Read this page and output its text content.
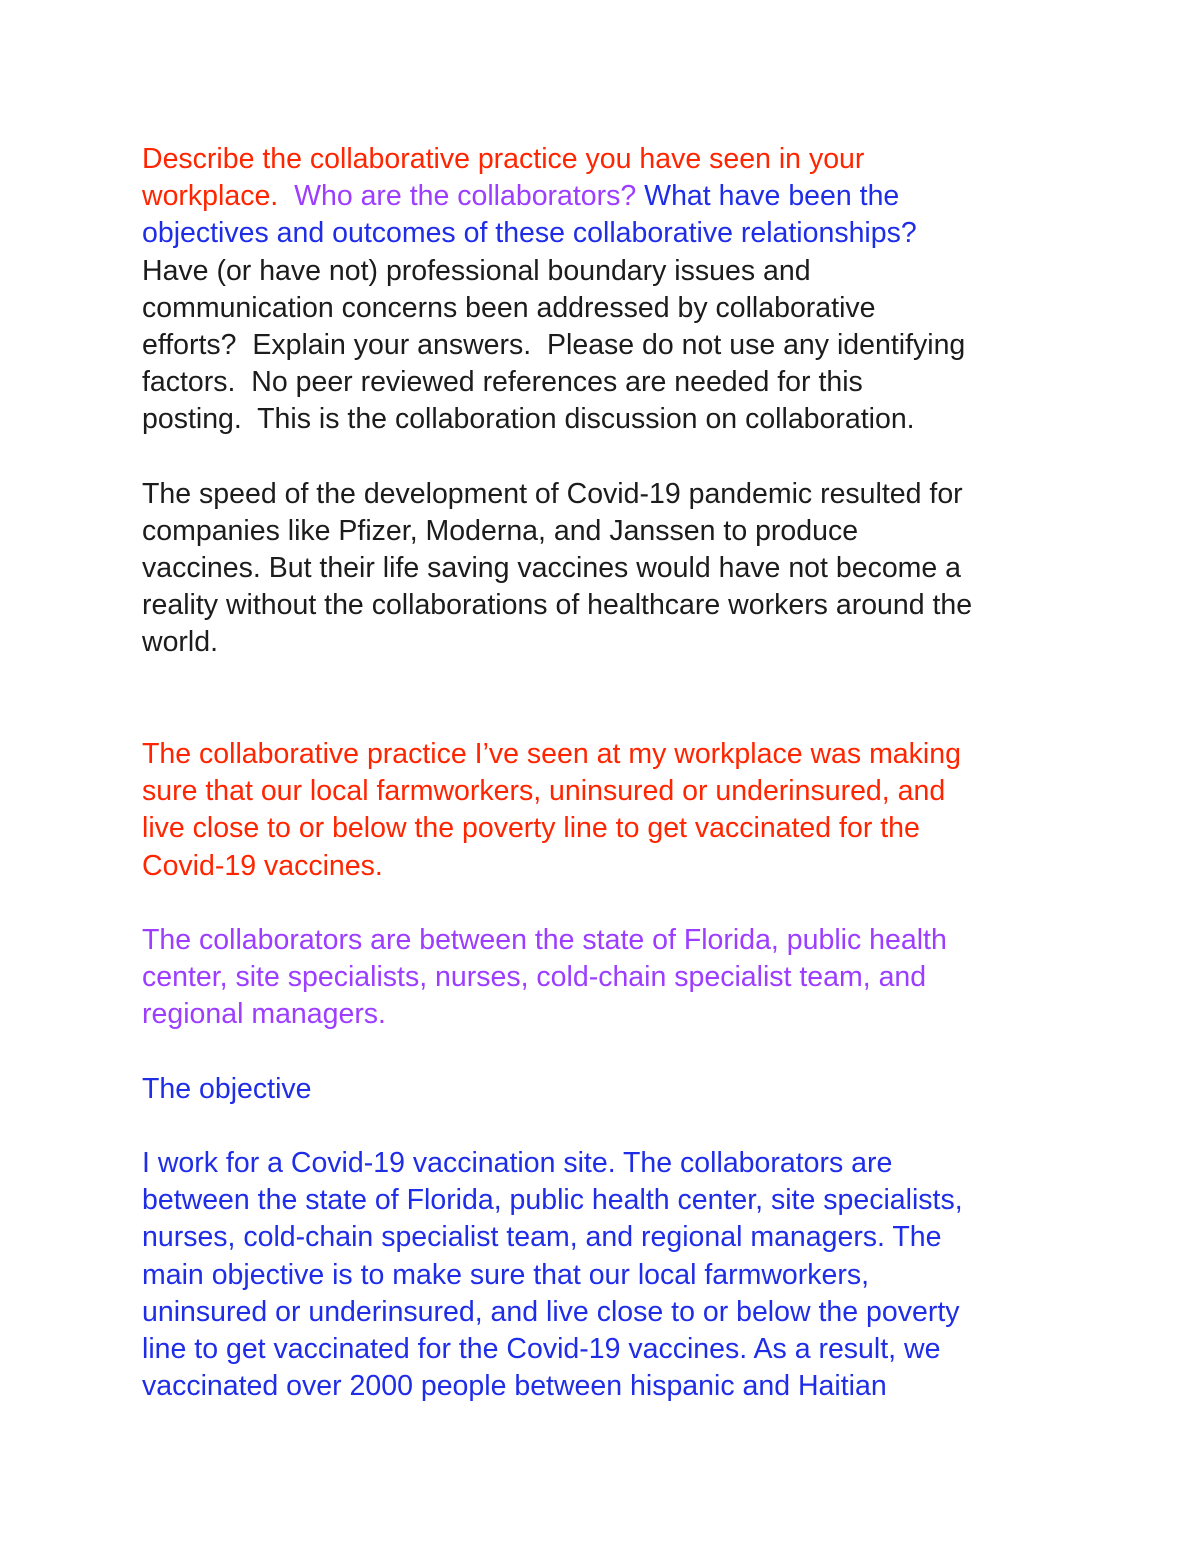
Describe the collaborative practice you have seen in your
workplace.  Who are the collaborators? What have been the
objectives and outcomes of these collaborative relationships?
Have (or have not) professional boundary issues and
communication concerns been addressed by collaborative
efforts?  Explain your answers.  Please do not use any identifying
factors.  No peer reviewed references are needed for this
posting.  This is the collaboration discussion on collaboration.
The speed of the development of Covid-19 pandemic resulted for
companies like Pfizer, Moderna, and Janssen to produce
vaccines. But their life saving vaccines would have not become a
reality without the collaborations of healthcare workers around the
world.
The collaborative practice I’ve seen at my workplace was making
sure that our local farmworkers, uninsured or underinsured, and
live close to or below the poverty line to get vaccinated for the
Covid-19 vaccines.
The collaborators are between the state of Florida, public health
center, site specialists, nurses, cold-chain specialist team, and
regional managers.
The objective
I work for a Covid-19 vaccination site. The collaborators are
between the state of Florida, public health center, site specialists,
nurses, cold-chain specialist team, and regional managers. The
main objective is to make sure that our local farmworkers,
uninsured or underinsured, and live close to or below the poverty
line to get vaccinated for the Covid-19 vaccines. As a result, we
vaccinated over 2000 people between hispanic and Haitian
